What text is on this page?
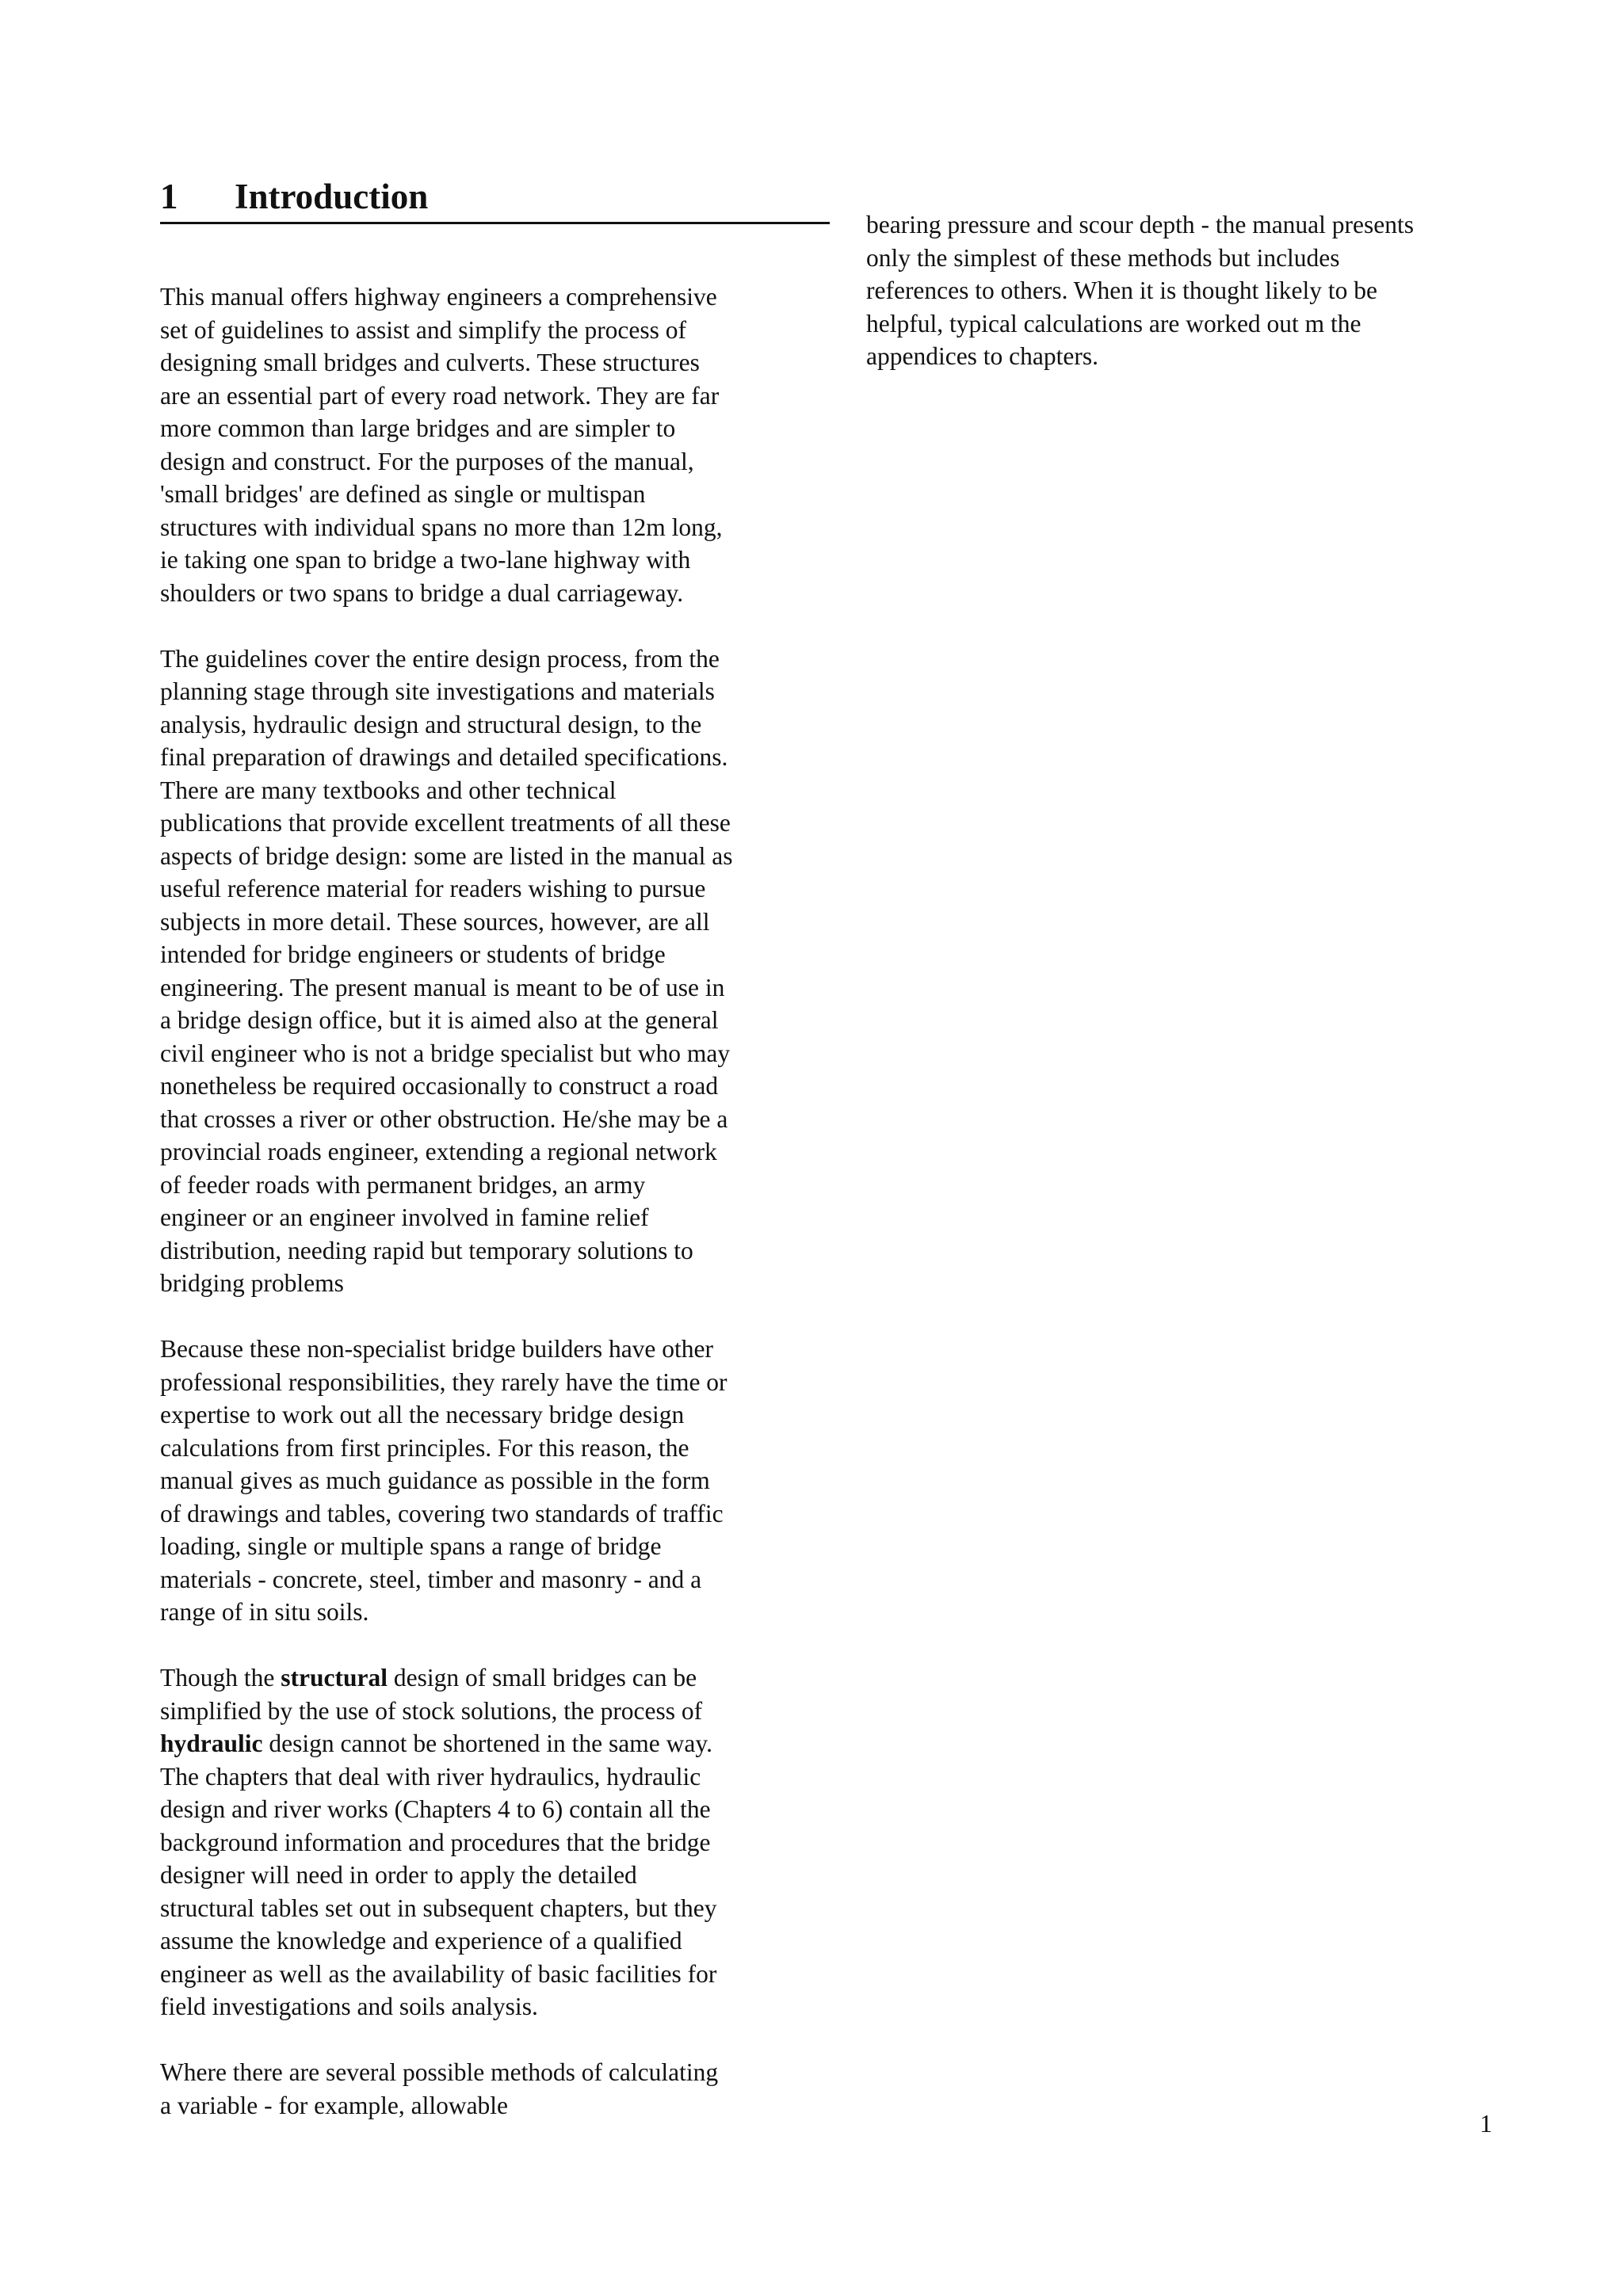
1 Introduction
This manual offers highway engineers a comprehensive
set of guidelines to assist and simplify the process of
designing small bridges and culverts. These structures
are an essential part of every road network. They are far
more common than large bridges and are simpler to
design and construct. For the purposes of the manual,
'small bridges' are defined as single or multispan
structures with individual spans no more than 12m long,
ie taking one span to bridge a two-lane highway with
shoulders or two spans to bridge a dual carriageway.
The guidelines cover the entire design process, from the
planning stage through site investigations and materials
analysis, hydraulic design and structural design, to the
final preparation of drawings and detailed specifications.
There are many textbooks and other technical
publications that provide excellent treatments of all these
aspects of bridge design: some are listed in the manual as
useful reference material for readers wishing to pursue
subjects in more detail. These sources, however, are all
intended for bridge engineers or students of bridge
engineering. The present manual is meant to be of use in
a bridge design office, but it is aimed also at the general
civil engineer who is not a bridge specialist but who may
nonetheless be required occasionally to construct a road
that crosses a river or other obstruction. He/she may be a
provincial roads engineer, extending a regional network
of feeder roads with permanent bridges, an army
engineer or an engineer involved in famine relief
distribution, needing rapid but temporary solutions to
bridging problems
Because these non-specialist bridge builders have other
professional responsibilities, they rarely have the time or
expertise to work out all the necessary bridge design
calculations from first principles. For this reason, the
manual gives as much guidance as possible in the form
of drawings and tables, covering two standards of traffic
loading, single or multiple spans a range of bridge
materials - concrete, steel, timber and masonry - and a
range of in situ soils.
Though the structural design of small bridges can be
simplified by the use of stock solutions, the process of
hydraulic design cannot be shortened in the same way.
The chapters that deal with river hydraulics, hydraulic
design and river works (Chapters 4 to 6) contain all the
background information and procedures that the bridge
designer will need in order to apply the detailed
structural tables set out in subsequent chapters, but they
assume the knowledge and experience of a qualified
engineer as well as the availability of basic facilities for
field investigations and soils analysis.
Where there are several possible methods of calculating
a variable - for example, allowable
bearing pressure and scour depth - the manual presents
only the simplest of these methods but includes
references to others. When it is thought likely to be
helpful, typical calculations are worked out m the
appendices to chapters.
1
